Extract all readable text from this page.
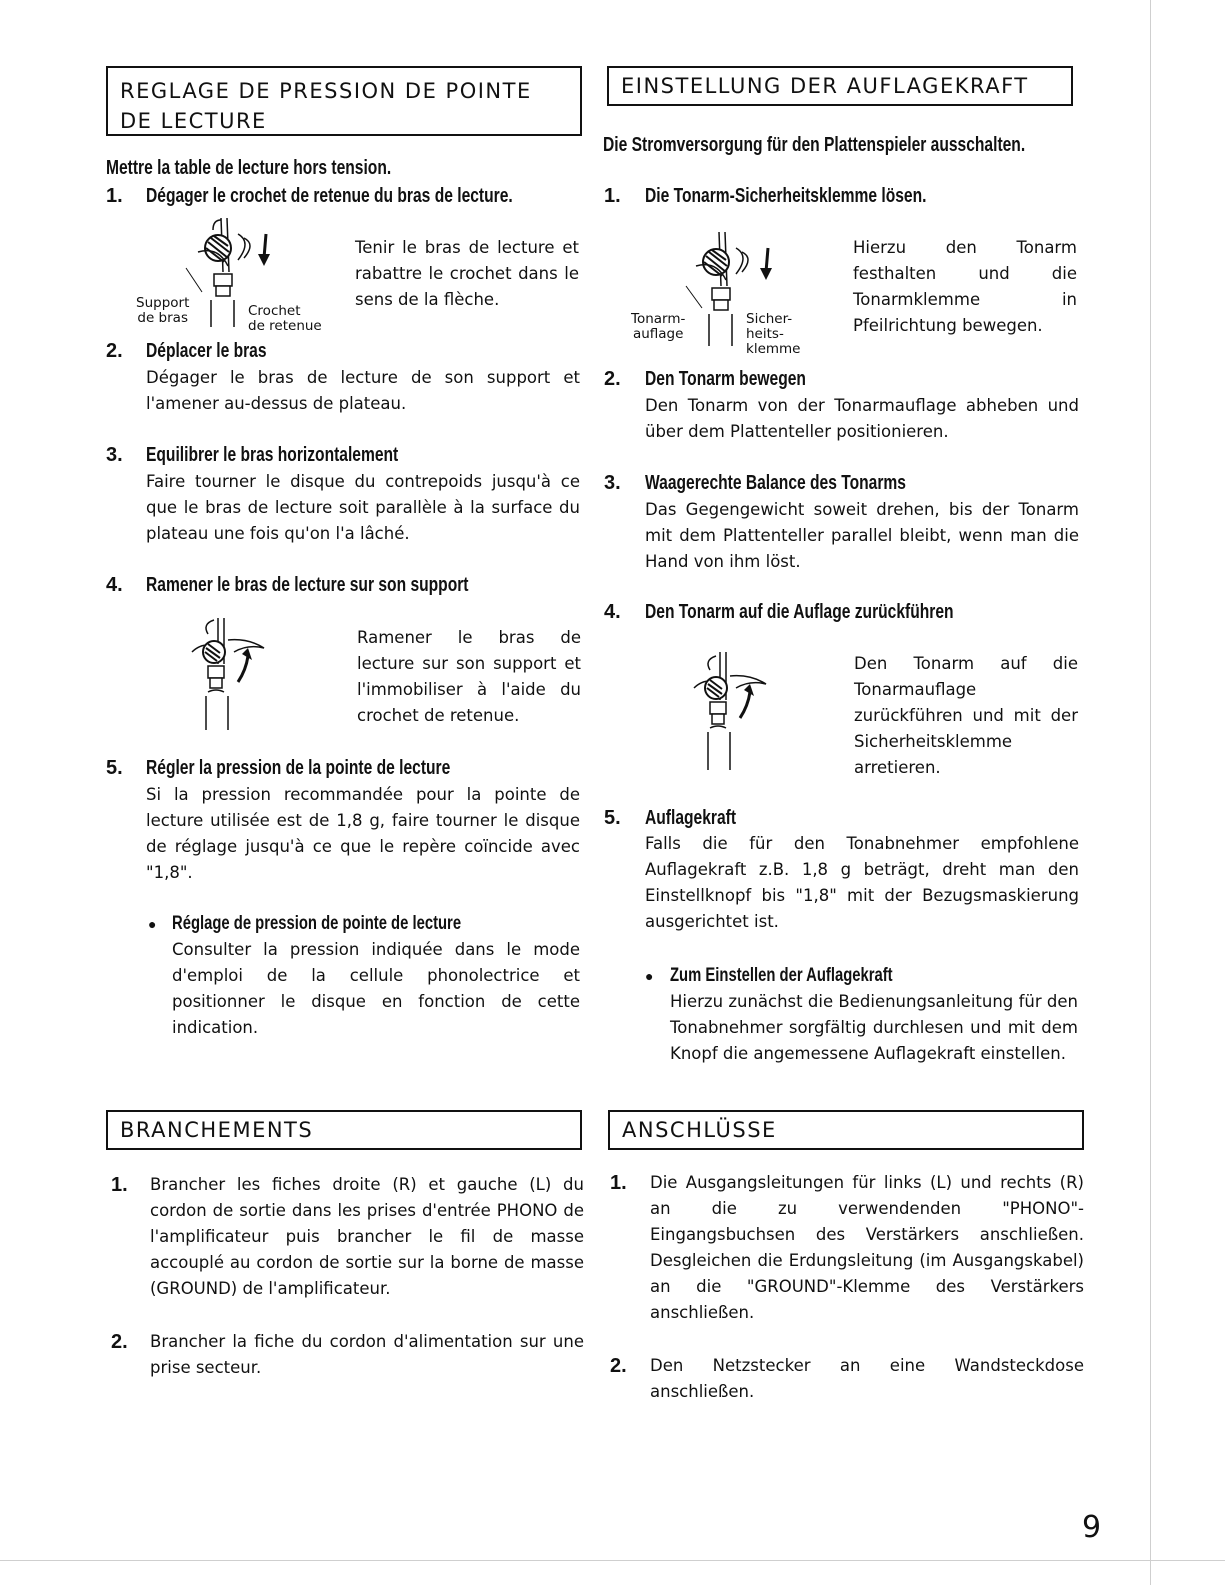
REGLAGE DE PRESSION DE POINTE DE LECTURE
Mettre la table de lecture hors tension.
1. Dégager le crochet de retenue du bras de lecture.
Support
de bras	Crochet
de retenue
Tenir le bras de lecture et rabattre le crochet dans le sens de la flèche.
2. Déplacer le bras
Dégager le bras de lecture de son support et l'amener au-dessus de plateau.
3. Equilibrer le bras horizontalement
Faire tourner le disque du contrepoids jusqu'à ce que le bras de lecture soit parallèle à la surface du plateau une fois qu'on l'a lâché.
4. Ramener le bras de lecture sur son support
Ramener le bras de lecture sur son support et l'immobiliser à l'aide du crochet de retenue.
5. Régler la pression de la pointe de lecture
Si la pression recommandée pour la pointe de lecture utilisée est de 1,8 g, faire tourner le disque de réglage jusqu'à ce que le repère coïncide avec "1,8".
● Réglage de pression de pointe de lecture
Consulter la pression indiquée dans le mode d'emploi de la cellule phonolectrice et positionner le disque en fonction de cette indication.
BRANCHEMENTS
1. Brancher les fiches droite (R) et gauche (L) du cordon de sortie dans les prises d'entrée PHONO de l'amplificateur puis brancher le fil de masse accouplé au cordon de sortie sur la borne de masse (GROUND) de l'amplificateur.
2. Brancher la fiche du cordon d'alimentation sur une prise secteur.
EINSTELLUNG DER AUFLAGEKRAFT
Die Stromversorgung für den Plattenspieler ausschalten.
1. Die Tonarm-Sicherheitsklemme lösen.
Tonarm-
auflage
Sicher-
heits-
klemme
Hierzu den Tonarm festhalten und die Tonarmklemme in Pfeilrichtung bewegen.
2. Den Tonarm bewegen
Den Tonarm von der Tonarmauflage abheben und über dem Plattenteller positionieren.
3. Waagerechte Balance des Tonarms
Das Gegengewicht soweit drehen, bis der Tonarm mit dem Plattenteller parallel bleibt, wenn man die Hand von ihm löst.
4. Den Tonarm auf die Auflage zurückführen
Den Tonarm auf die Tonarmauflage zurückführen und mit der Sicherheitsklemme arretieren.
5. Auflagekraft
Falls die für den Tonabnehmer empfohlene Auflagekraft z.B. 1,8 g beträgt, dreht man den Einstellknopf bis "1,8" mit der Bezugsmaskierung ausgerichtet ist.
● Zum Einstellen der Auflagekraft
Hierzu zunächst die Bedienungsanleitung für den Tonabnehmer sorgfältig durchlesen und mit dem Knopf die angemessene Auflagekraft einstellen.
ANSCHLÜSSE
1. Die Ausgangsleitungen für links (L) und rechts (R) an die zu verwendenden "PHONO"-Eingangsbuchsen des Verstärkers anschließen. Desgleichen die Erdungsleitung (im Ausgangskabel) an die "GROUND"-Klemme des Verstärkers anschließen.
2. Den Netzstecker an eine Wandsteckdose anschließen.
9
